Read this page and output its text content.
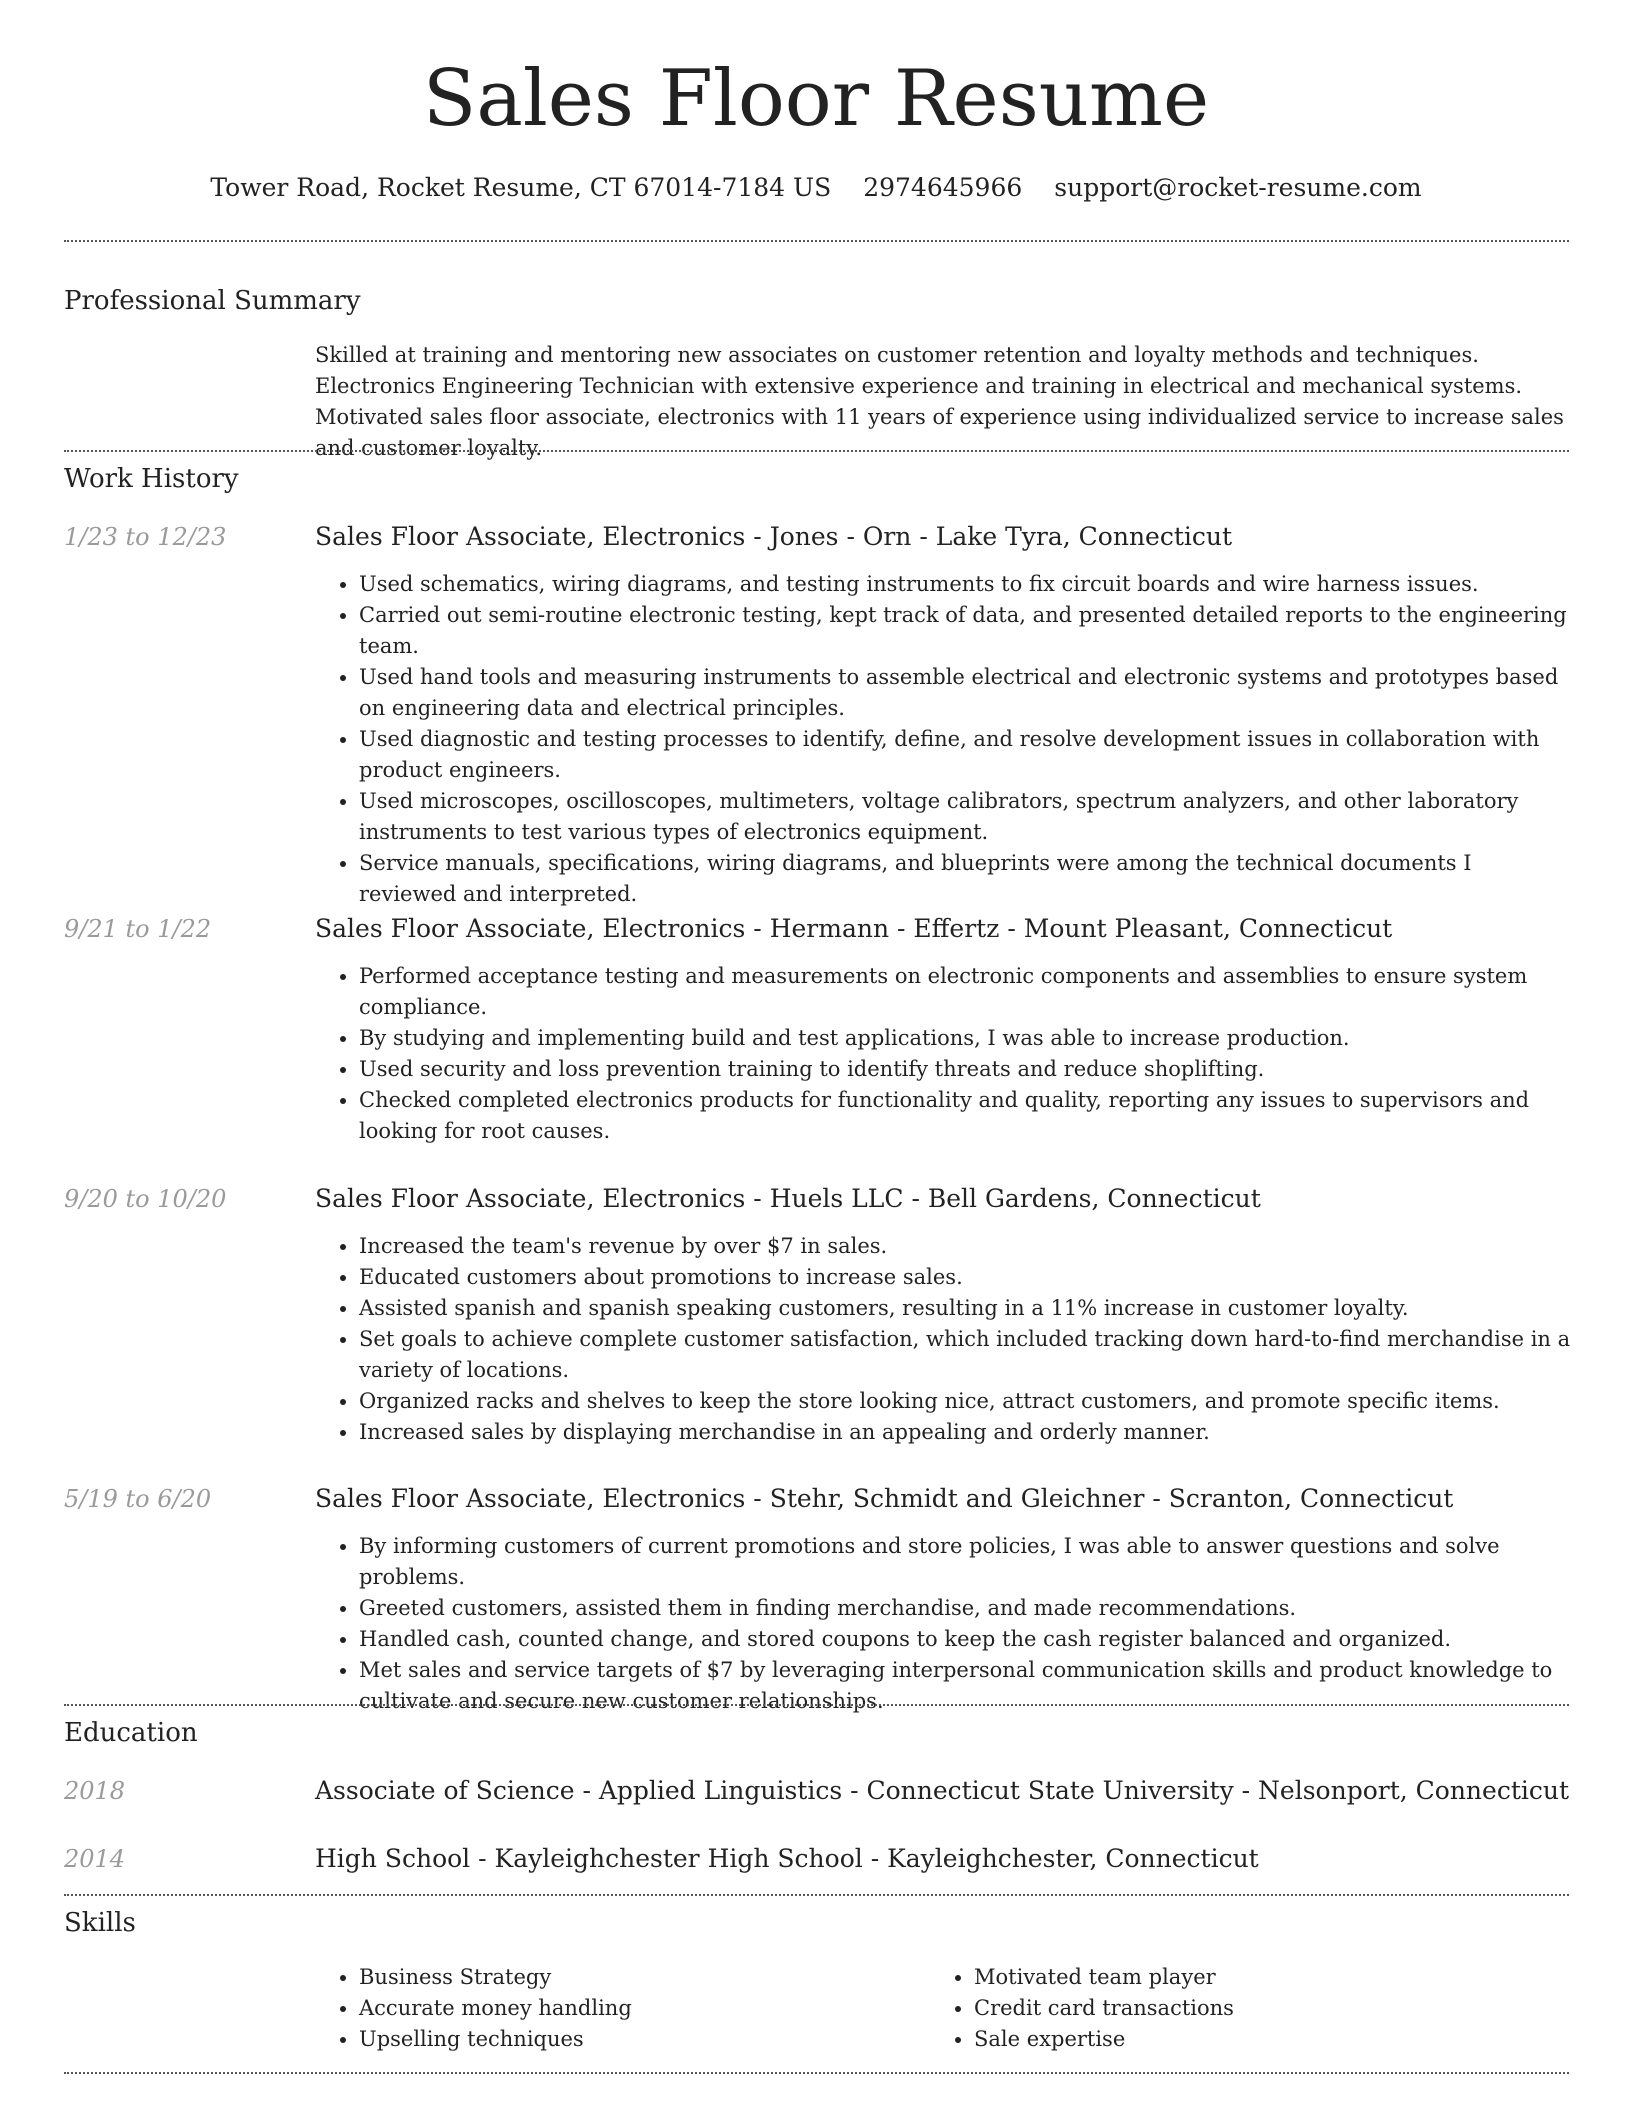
Sales Floor Resume
Tower Road, Rocket Resume, CT 67014-7184 US 2974645966 support@rocket-resume.com
Professional Summary

Skilled at training and mentoring new associates on customer retention and loyalty methods and techniques. Electronics Engineering Technician with extensive experience and training in electrical and mechanical systems. Motivated sales floor associate, electronics with 11 years of experience using individualized service to increase sales and customer loyalty.

Work History
1/23 to 12/23	Sales Floor Associate, Electronics - Jones - Orn - Lake Tyra, Connecticut
• Used schematics, wiring diagrams, and testing instruments to fix circuit boards and wire harness issues.
• Carried out semi-routine electronic testing, kept track of data, and presented detailed reports to the engineering team.
• Used hand tools and measuring instruments to assemble electrical and electronic systems and prototypes based on engineering data and electrical principles.
• Used diagnostic and testing processes to identify, define, and resolve development issues in collaboration with product engineers.
• Used microscopes, oscilloscopes, multimeters, voltage calibrators, spectrum analyzers, and other laboratory instruments to test various types of electronics equipment.
• Service manuals, specifications, wiring diagrams, and blueprints were among the technical documents I reviewed and interpreted.
9/21 to 1/22	Sales Floor Associate, Electronics - Hermann - Effertz - Mount Pleasant, Connecticut
• Performed acceptance testing and measurements on electronic components and assemblies to ensure system compliance.
• By studying and implementing build and test applications, I was able to increase production.
• Used security and loss prevention training to identify threats and reduce shoplifting.
• Checked completed electronics products for functionality and quality, reporting any issues to supervisors and looking for root causes.
9/20 to 10/20	Sales Floor Associate, Electronics - Huels LLC - Bell Gardens, Connecticut
• Increased the team's revenue by over $7 in sales.
• Educated customers about promotions to increase sales.
• Assisted spanish and spanish speaking customers, resulting in a 11% increase in customer loyalty.
• Set goals to achieve complete customer satisfaction, which included tracking down hard-to-find merchandise in a variety of locations.
• Organized racks and shelves to keep the store looking nice, attract customers, and promote specific items.
• Increased sales by displaying merchandise in an appealing and orderly manner.
5/19 to 6/20	Sales Floor Associate, Electronics - Stehr, Schmidt and Gleichner - Scranton, Connecticut
• By informing customers of current promotions and store policies, I was able to answer questions and solve problems.
• Greeted customers, assisted them in finding merchandise, and made recommendations.
• Handled cash, counted change, and stored coupons to keep the cash register balanced and organized.
• Met sales and service targets of $7 by leveraging interpersonal communication skills and product knowledge to cultivate and secure new customer relationships.
Education
2018	Associate of Science - Applied Linguistics - Connecticut State University - Nelsonport, Connecticut
2014	High School - Kayleighchester High School - Kayleighchester, Connecticut
Skills
• Business Strategy
• Accurate money handling
• Upselling techniques
• Motivated team player
• Credit card transactions
• Sale expertise
